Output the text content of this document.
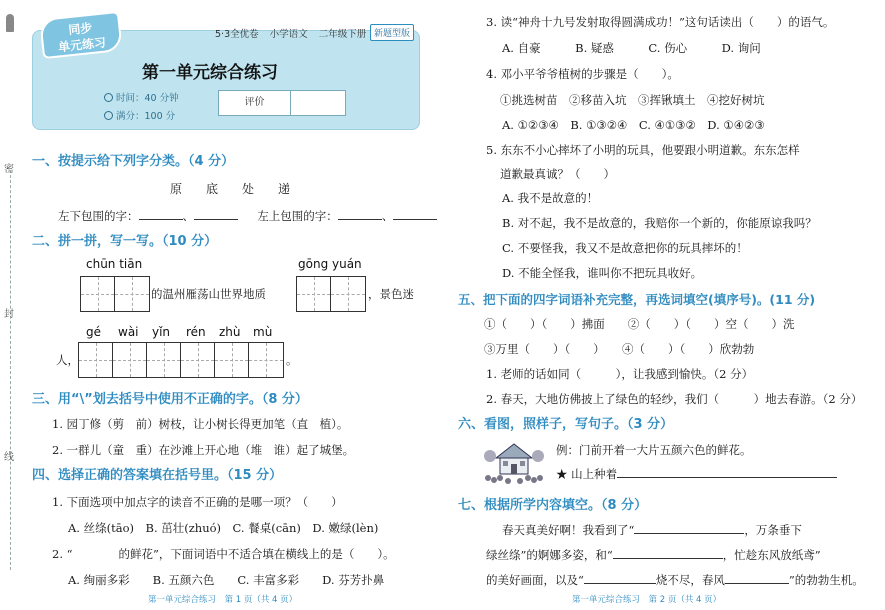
密
封
线
同步
单元练习
5·3全优卷 小学语文 二年级下册 新题型版
第一单元综合练习
时间：40 分钟
满分：100 分
评价
一、按提示给下列字分类。（4 分）
原　　底　　处　　递
左下包围的字：	、	左上包围的字：	、
二、拼一拼，写一写。（10 分）
chūn tiān	gōng yuán
的温州雁荡山世界地质	，景色迷
gé wài yǐn rén zhù mù
人，	。
三、用“\”划去括号中使用不正确的字。（8 分）
1. 园丁修（剪　前）树枝，让小树长得更加笔（直　植）。
2. 一群儿（童　重）在沙滩上开心地（堆　谁）起了城堡。
四、选择正确的答案填在括号里。（15 分）
1. 下面选项中加点字的读音不正确的是哪一项？（　　）
A. 丝绦(tāo)　B. 茁壮(zhuó)　C. 餐桌(cān)　D. 嫩绿(lèn)
2. “　　　　的鲜花”，下面词语中不适合填在横线上的是（　　）。
A. 绚丽多彩　　B. 五颜六色　　C. 丰富多彩　　D. 芬芳扑鼻
第一单元综合练习　第 1 页（共 4 页）
3. 读“神舟十九号发射取得圆满成功！”这句话读出（　　）的语气。
A. 自豪　　　B. 疑惑　　　C. 伤心　　　D. 询问
4. 邓小平爷爷植树的步骤是（　　）。
①挑选树苗　②移苗入坑　③挥锹填土　④挖好树坑
A. ①②③④　B. ①③②④　C. ④①③②　D. ①④②③
5. 东东不小心摔坏了小明的玩具，他要跟小明道歉。东东怎样
道歉最真诚？（　　）
A. 我不是故意的！
B. 对不起，我不是故意的，我赔你一个新的，你能原谅我吗？
C. 不要怪我，我又不是故意把你的玩具摔坏的！
D. 不能全怪我，谁叫你不把玩具收好。
五、把下面的四字词语补充完整，再选词填空(填序号)。(11 分)
①（　　）（　　）拂面　　②（　　）（　　）空（　　）洗
③万里（　　）（　　）　　④（　　）（　　）欣勃勃
1. 老师的话如同（　　　），让我感到愉快。（2 分）
2. 春天，大地仿佛披上了绿色的轻纱，我们（　　　）地去春游。（2 分）
六、看图，照样子，写句子。（3 分）
例：门前开着一大片五颜六色的鲜花。
★ 山上种着
七、根据所学内容填空。（8 分）
春天真美好啊！我看到了“	，万条垂下
绿丝绦”的婀娜多姿，和“	，忙趁东风放纸鸢”
的美好画面，以及“	烧不尽，春风	”的勃勃生机。
第一单元综合练习　第 2 页（共 4 页）
